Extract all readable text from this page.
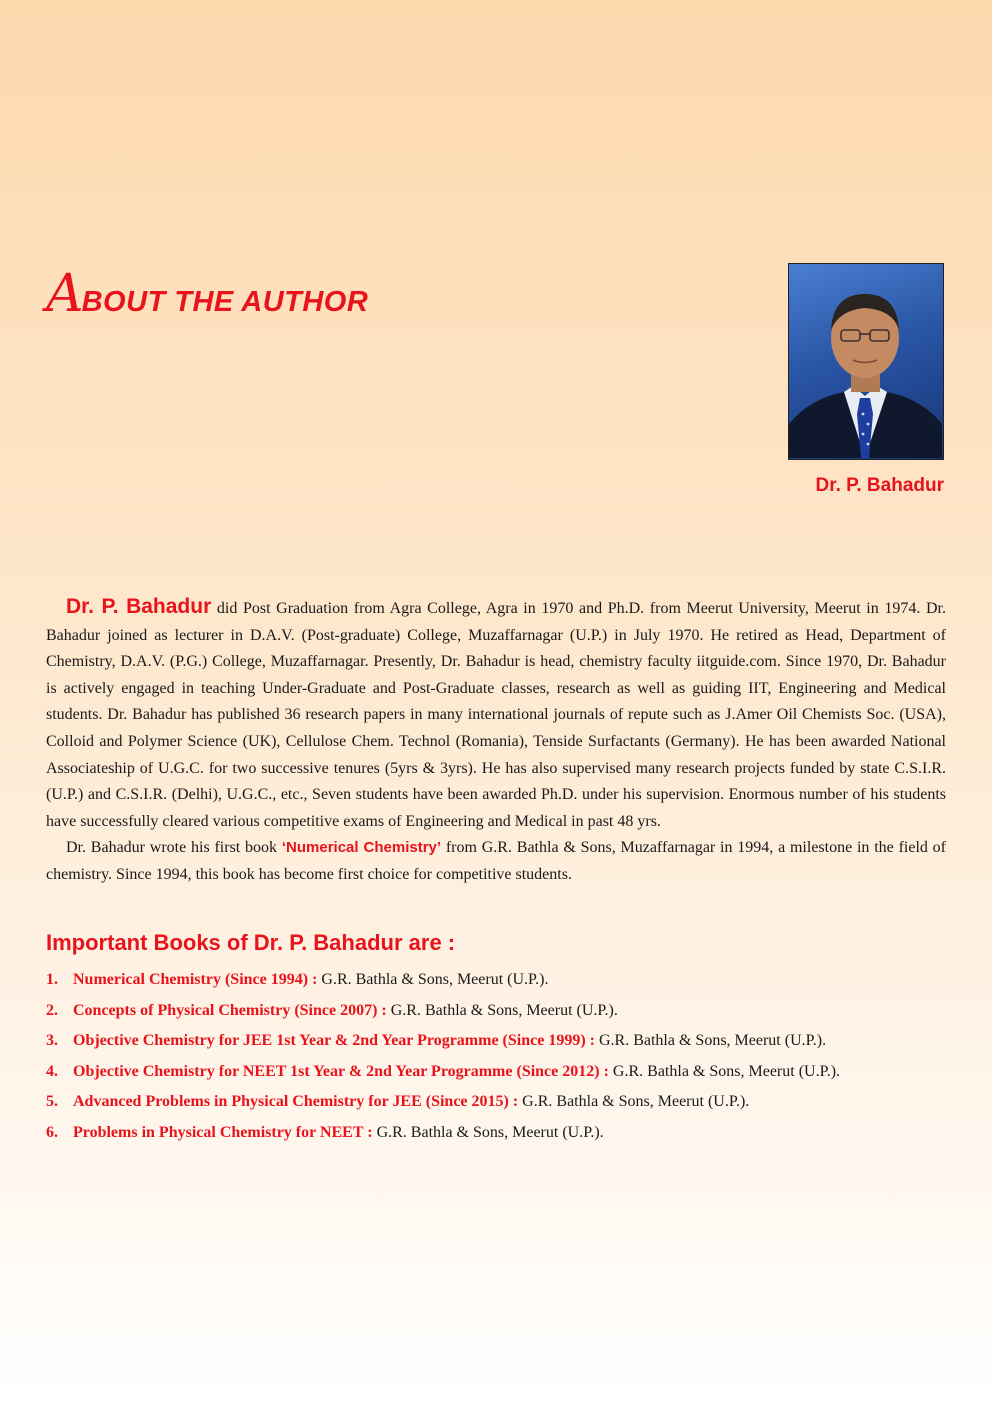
ABOUT THE AUTHOR
Dr. P. Bahadur

Dr. P. Bahadur did Post Graduation from Agra College, Agra in 1970 and Ph.D. from Meerut University, Meerut in 1974. Dr. Bahadur joined as lecturer in D.A.V. (Post-graduate) College, Muzaffarnagar (U.P.) in July 1970. He retired as Head, Department of Chemistry, D.A.V. (P.G.) College, Muzaffarnagar. Presently, Dr. Bahadur is head, chemistry faculty iitguide.com. Since 1970, Dr. Bahadur is actively engaged in teaching Under-Graduate and Post-Graduate classes, research as well as guiding IIT, Engineering and Medical students. Dr. Bahadur has published 36 research papers in many international journals of repute such as J.Amer Oil Chemists Soc. (USA), Colloid and Polymer Science (UK), Cellulose Chem. Technol (Romania), Tenside Surfactants (Germany). He has been awarded National Associateship of U.G.C. for two successive tenures (5yrs & 3yrs). He has also supervised many research projects funded by state C.S.I.R. (U.P.) and C.S.I.R. (Delhi), U.G.C., etc., Seven students have been awarded Ph.D. under his supervision. Enormous number of his students have successfully cleared various competitive exams of Engineering and Medical in past 48 yrs.

Dr. Bahadur wrote his first book ‘Numerical Chemistry’ from G.R. Bathla & Sons, Muzaffarnagar in 1994, a milestone in the field of chemistry. Since 1994, this book has become first choice for competitive students.

Important Books of Dr. P. Bahadur are :
1. Numerical Chemistry (Since 1994) : G.R. Bathla & Sons, Meerut (U.P.).
2. Concepts of Physical Chemistry (Since 2007) : G.R. Bathla & Sons, Meerut (U.P.).
3. Objective Chemistry for JEE 1st Year & 2nd Year Programme (Since 1999) : G.R. Bathla & Sons, Meerut (U.P.).
4. Objective Chemistry for NEET 1st Year & 2nd Year Programme (Since 2012) : G.R. Bathla & Sons, Meerut (U.P.).
5. Advanced Problems in Physical Chemistry for JEE (Since 2015) : G.R. Bathla & Sons, Meerut (U.P.).
6. Problems in Physical Chemistry for NEET : G.R. Bathla & Sons, Meerut (U.P.).
